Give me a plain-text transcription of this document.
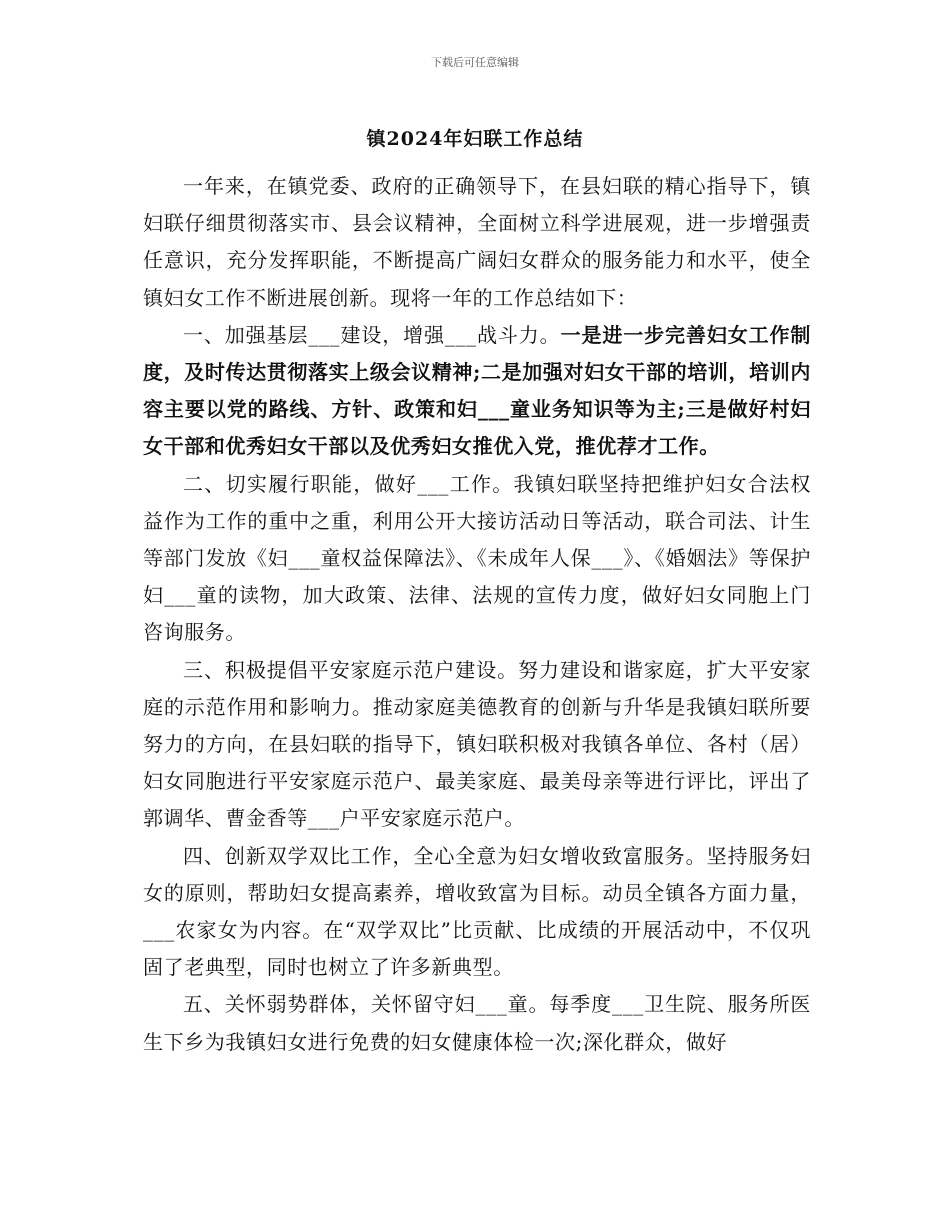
下载后可任意编辑
镇2024年妇联工作总结

一年来，在镇党委、政府的正确领导下，在县妇联的精心指导下，镇妇联仔细贯彻落实市、县会议精神，全面树立科学进展观，进一步增强责任意识，充分发挥职能，不断提高广阔妇女群众的服务能力和水平，使全镇妇女工作不断进展创新。现将一年的工作总结如下：

一、加强基层___建设，增强___战斗力。一是进一步完善妇女工作制度，及时传达贯彻落实上级会议精神;二是加强对妇女干部的培训，培训内容主要以党的路线、方针、政策和妇___童业务知识等为主;三是做好村妇女干部和优秀妇女干部以及优秀妇女推优入党，推优荐才工作。

二、切实履行职能，做好___工作。我镇妇联坚持把维护妇女合法权益作为工作的重中之重，利用公开大接访活动日等活动，联合司法、计生等部门发放《妇___童权益保障法》、《未成年人保___》、《婚姻法》等保护妇___童的读物，加大政策、法律、法规的宣传力度，做好妇女同胞上门咨询服务。

三、积极提倡平安家庭示范户建设。努力建设和谐家庭，扩大平安家庭的示范作用和影响力。推动家庭美德教育的创新与升华是我镇妇联所要努力的方向，在县妇联的指导下，镇妇联积极对我镇各单位、各村（居）妇女同胞进行平安家庭示范户、最美家庭、最美母亲等进行评比，评出了郭调华、曹金香等___户平安家庭示范户。

四、创新双学双比工作，全心全意为妇女增收致富服务。坚持服务妇女的原则，帮助妇女提高素养，增收致富为目标。动员全镇各方面力量，___农家女为内容。在“双学双比”比贡献、比成绩的开展活动中，不仅巩固了老典型，同时也树立了许多新典型。

五、关怀弱势群体，关怀留守妇___童。每季度___卫生院、服务所医生下乡为我镇妇女进行免费的妇女健康体检一次;深化群众，做好
